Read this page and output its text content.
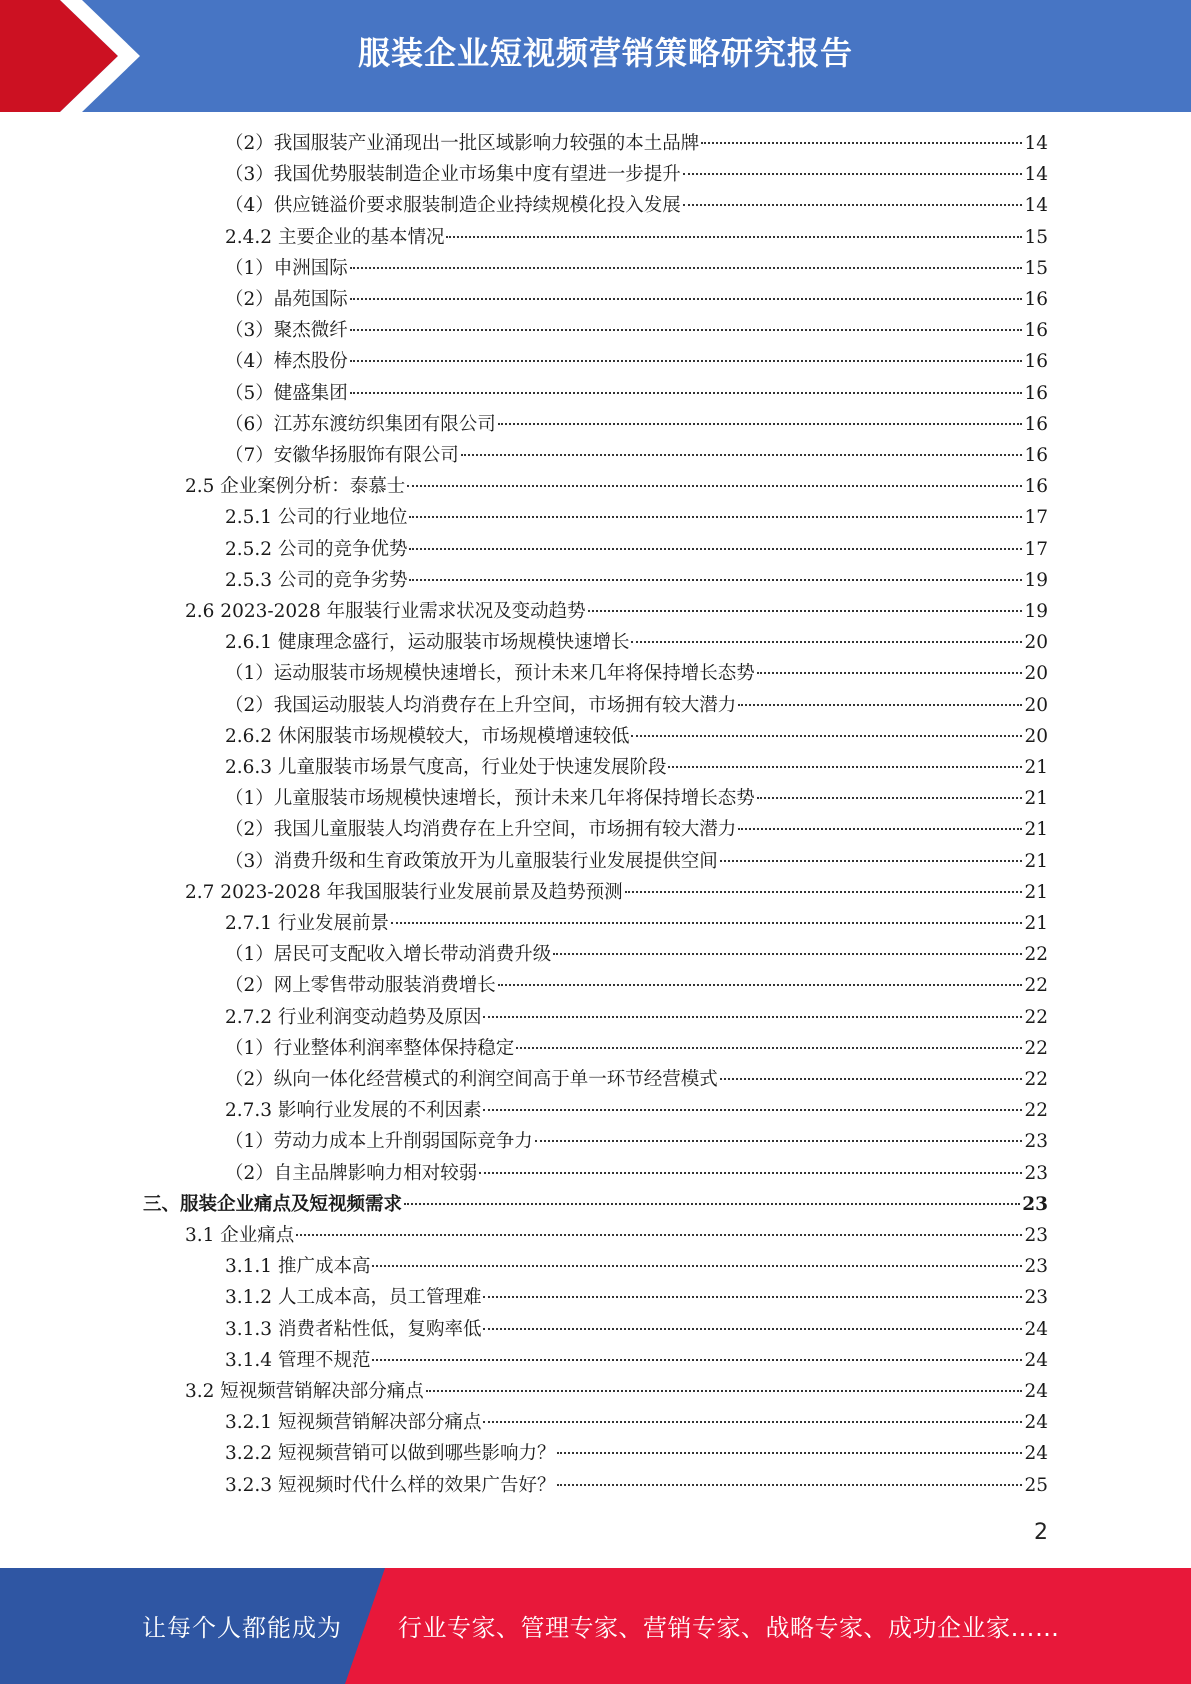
服装企业短视频营销策略研究报告
（2）我国服装产业涌现出一批区域影响力较强的本土品牌	14
（3）我国优势服装制造企业市场集中度有望进一步提升	14
（4）供应链溢价要求服装制造企业持续规模化投入发展	14
2.4.2 主要企业的基本情况	15
（1）申洲国际	15
（2）晶苑国际	16
（3）聚杰微纤	16
（4）棒杰股份	16
（5）健盛集团	16
（6）江苏东渡纺织集团有限公司	16
（7）安徽华扬服饰有限公司	16
2.5 企业案例分析：泰慕士	16
2.5.1 公司的行业地位	17
2.5.2 公司的竞争优势	17
2.5.3 公司的竞争劣势	19
2.6 2023-2028 年服装行业需求状况及变动趋势	19
2.6.1 健康理念盛行，运动服装市场规模快速增长	20
（1）运动服装市场规模快速增长，预计未来几年将保持增长态势	20
（2）我国运动服装人均消费存在上升空间，市场拥有较大潜力	20
2.6.2 休闲服装市场规模较大，市场规模增速较低	20
2.6.3 儿童服装市场景气度高，行业处于快速发展阶段	21
（1）儿童服装市场规模快速增长，预计未来几年将保持增长态势	21
（2）我国儿童服装人均消费存在上升空间，市场拥有较大潜力	21
（3）消费升级和生育政策放开为儿童服装行业发展提供空间	21
2.7 2023-2028 年我国服装行业发展前景及趋势预测	21
2.7.1 行业发展前景	21
（1）居民可支配收入增长带动消费升级	22
（2）网上零售带动服装消费增长	22
2.7.2 行业利润变动趋势及原因	22
（1）行业整体利润率整体保持稳定	22
（2）纵向一体化经营模式的利润空间高于单一环节经营模式	22
2.7.3 影响行业发展的不利因素	22
（1）劳动力成本上升削弱国际竞争力	23
（2）自主品牌影响力相对较弱	23
三、服装企业痛点及短视频需求	23
3.1 企业痛点	23
3.1.1 推广成本高	23
3.1.2 人工成本高，员工管理难	23
3.1.3 消费者粘性低，复购率低	24
3.1.4 管理不规范	24
3.2 短视频营销解决部分痛点	24
3.2.1 短视频营销解决部分痛点	24
3.2.2 短视频营销可以做到哪些影响力？	24
3.2.3 短视频时代什么样的效果广告好？	25
2
让每个人都能成为 行业专家、管理专家、营销专家、战略专家、成功企业家……
